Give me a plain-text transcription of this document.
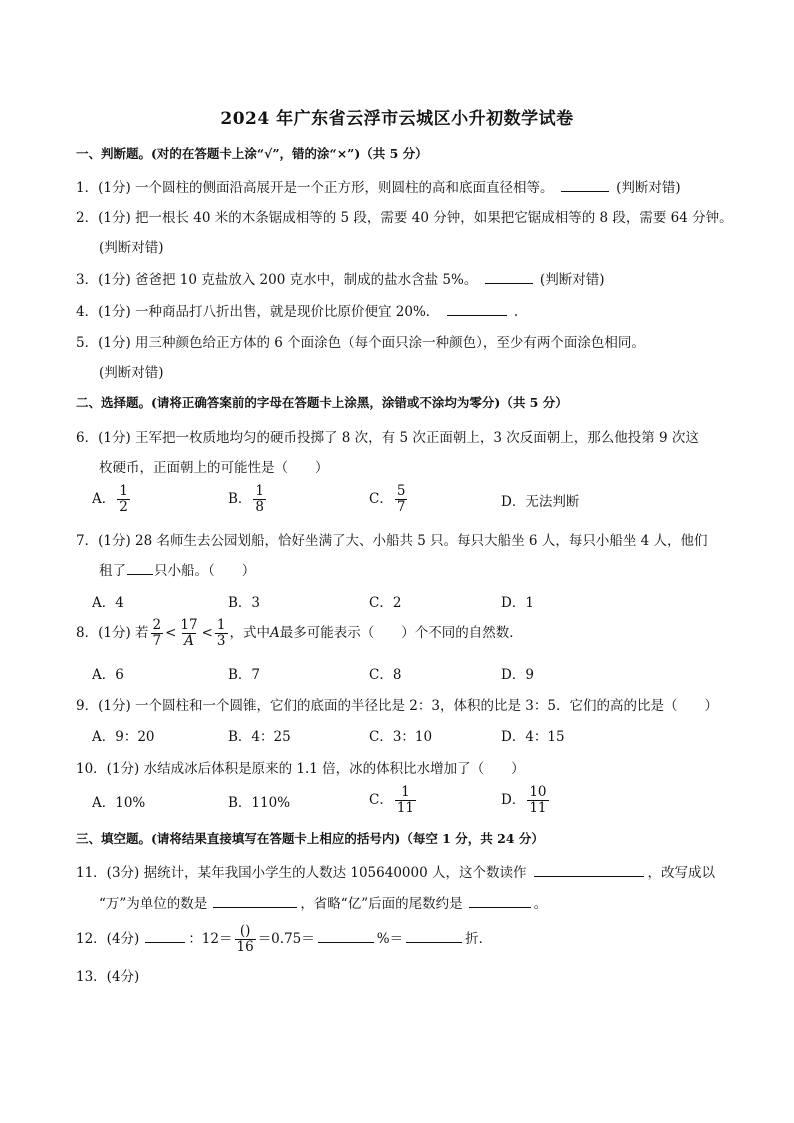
2024 年广东省云浮市云城区小升初数学试卷
一、判断题。(对的在答题卡上涂“√”，错的涂“×”)（共 5 分）
1．(1分) 一个圆柱的侧面沿高展开是一个正方形，则圆柱的高和底面直径相等。	(判断对错)
2．(1分) 把一根长 40 米的木条锯成相等的 5 段，需要 40 分钟，如果把它锯成相等的 8 段，需要 64 分钟。
(判断对错)
3．(1分) 爸爸把 10 克盐放入 200 克水中，制成的盐水含盐 5%。	(判断对错)
4．(1分) 一种商品打八折出售，就是现价比原价便宜 20%．	.
5．(1分) 用三种颜色给正方体的 6 个面涂色（每个面只涂一种颜色），至少有两个面涂色相同。
(判断对错)
二、选择题。(请将正确答案前的字母在答题卡上涂黑，涂错或不涂均为零分)（共 5 分）
6．(1分) 王军把一枚质地均匀的硬币投掷了 8 次，有 5 次正面朝上，3 次反面朝上，那么他投第 9 次这
枚硬币，正面朝上的可能性是（　　）
A． $\frac{1}{2}$	B． $\frac{1}{8}$	C． $\frac{5}{7}$	D．无法判断
7．(1分) 28 名师生去公园划船，恰好坐满了大、小船共 5 只。每只大船坐 6 人，每只小船坐 4 人，他们
租了 只小船。（　　）
A．4	B．3	C．2	D．1
8．(1分) 若 $\frac{2}{7} < \frac{17}{A} < \frac{1}{3}$ ，式中A最多可能表示（　　）个不同的自然数．
A．6	B．7	C．8	D．9
9．(1分) 一个圆柱和一个圆锥，它们的底面的半径比是 2：3，体积的比是 3：5．它们的高的比是（　　）
A．9：20	B．4：25	C．3：10	D．4：15
10．(1分) 水结成冰后体积是原来的 1.1 倍，冰的体积比水增加了（　　）
A．10%	B．110%	C． $\frac{1}{11}$	D． $\frac{10}{11}$
三、填空题。(请将结果直接填写在答题卡上相应的括号内)（每空 1 分，共 24 分）
11．(3分) 据统计，某年我国小学生的人数达 105640000 人，这个数读作	，改写成以
“万”为单位的数是	，省略“亿”后面的尾数约是	。
12．(4分)	：$12= \frac{()}{16} =0.75=$	%＝	折．
13．(4分)
